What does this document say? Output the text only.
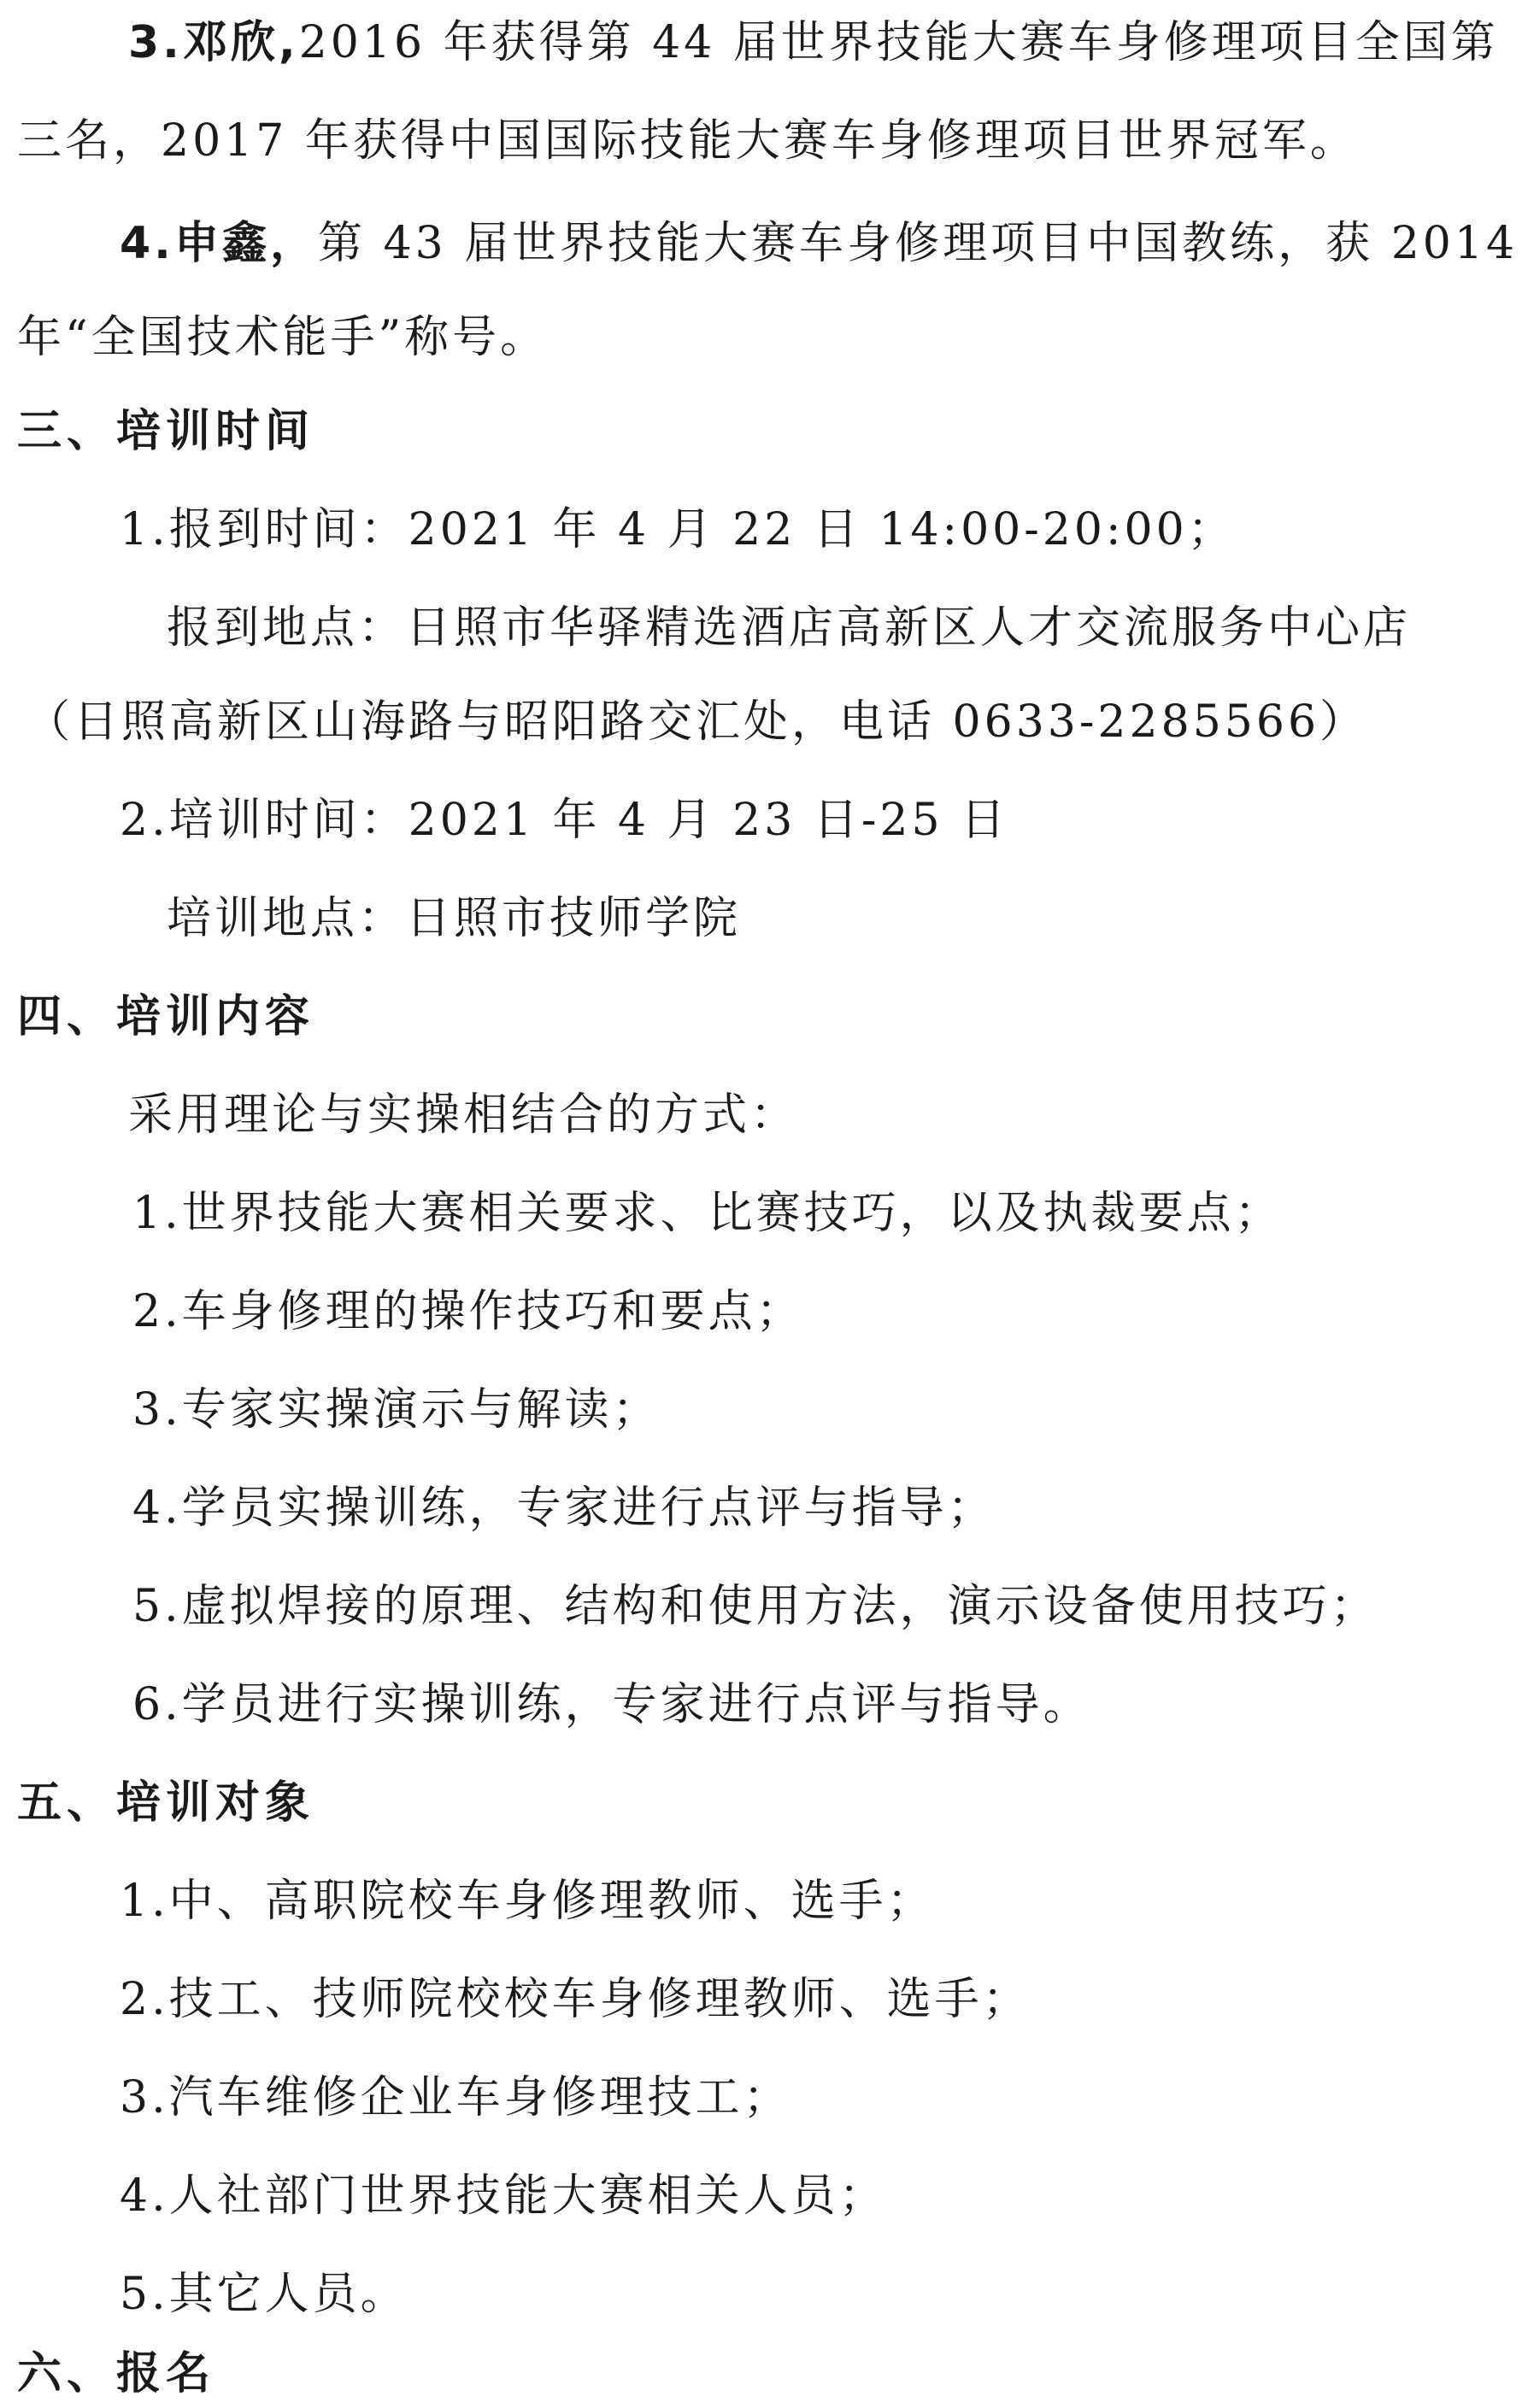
3.邓欣,2016 年获得第 44 届世界技能大赛车身修理项目全国第
三名，2017 年获得中国国际技能大赛车身修理项目世界冠军。
4.申鑫，第 43 届世界技能大赛车身修理项目中国教练，获 2014
年“全国技术能手”称号。
三、培训时间
1.报到时间：2021 年 4 月 22 日 14:00-20:00；
报到地点：日照市华驿精选酒店高新区人才交流服务中心店
（日照高新区山海路与昭阳路交汇处，电话 0633-2285566）
2.培训时间：2021 年 4 月 23 日-25 日
培训地点：日照市技师学院
四、培训内容
采用理论与实操相结合的方式：
1.世界技能大赛相关要求、比赛技巧，以及执裁要点；
2.车身修理的操作技巧和要点；
3.专家实操演示与解读；
4.学员实操训练，专家进行点评与指导；
5.虚拟焊接的原理、结构和使用方法，演示设备使用技巧；
6.学员进行实操训练，专家进行点评与指导。
五、培训对象
1.中、高职院校车身修理教师、选手；
2.技工、技师院校校车身修理教师、选手；
3.汽车维修企业车身修理技工；
4.人社部门世界技能大赛相关人员；
5.其它人员。
六、报名
